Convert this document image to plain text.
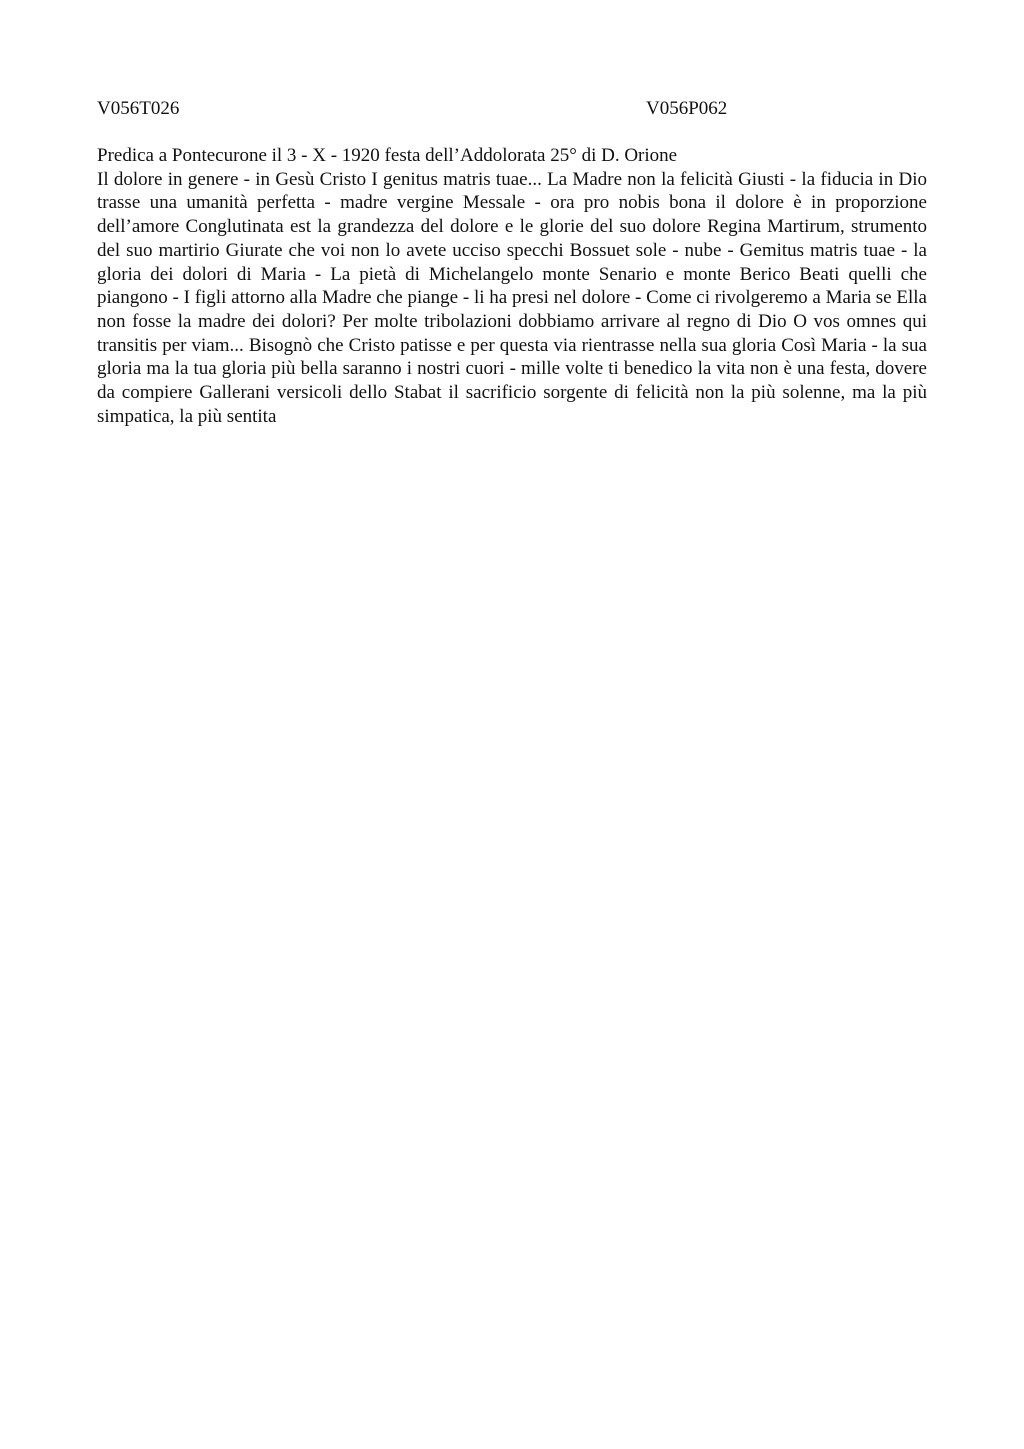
V056T026	V056P062
Predica a Pontecurone il 3 - X - 1920 festa dell’Addolorata 25° di D. Orione

Il dolore in genere - in Gesù Cristo I genitus matris tuae... La Madre non la felicità Giusti - la fiducia in Dio trasse una umanità perfetta - madre vergine Messale - ora pro nobis bona il dolore è in proporzione dell’amore Conglutinata est la grandezza del dolore e le glorie del suo dolore Regina Martirum, strumento del suo martirio Giurate che voi non lo avete ucciso specchi Bossuet sole - nube - Gemitus matris tuae - la gloria dei dolori di Maria - La pietà di Michelangelo monte Senario e monte Berico Beati quelli che piangono - I figli attorno alla Madre che piange - li ha presi nel dolore - Come ci rivolgeremo a Maria se Ella non fosse la madre dei dolori? Per molte tribolazioni dobbiamo arrivare al regno di Dio O vos omnes qui transitis per viam... Bisognò che Cristo patisse e per questa via rientrasse nella sua gloria Così Maria - la sua gloria ma la tua gloria più bella saranno i nostri cuori - mille volte ti benedico la vita non è una festa, dovere da compiere Gallerani versicoli dello Stabat il sacrificio sorgente di felicità non la più solenne, ma la più simpatica, la più sentita
